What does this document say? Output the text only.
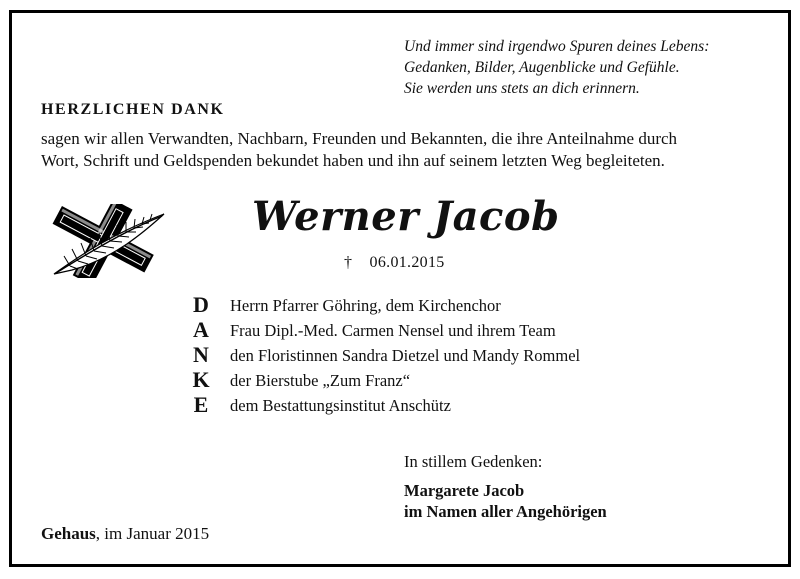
Und immer sind irgendwo Spuren deines Lebens:
Gedanken, Bilder, Augenblicke und Gefühle.
Sie werden uns stets an dich erinnern.
HERZLICHEN DANK
sagen wir allen Verwandten, Nachbarn, Freunden und Bekannten, die ihre Anteilnahme durch
Wort, Schrift und Geldspenden bekundet haben und ihn auf seinem letzten Weg begleiteten.
Werner Jacob
† 06.01.2015
D Herrn Pfarrer Göhring, dem Kirchenchor
A Frau Dipl.-Med. Carmen Nensel und ihrem Team
N den Floristinnen Sandra Dietzel und Mandy Rommel
K der Bierstube „Zum Franz“
E dem Bestattungsinstitut Anschütz
In stillem Gedenken:
Margarete Jacob
im Namen aller Angehörigen
Gehaus, im Januar 2015
